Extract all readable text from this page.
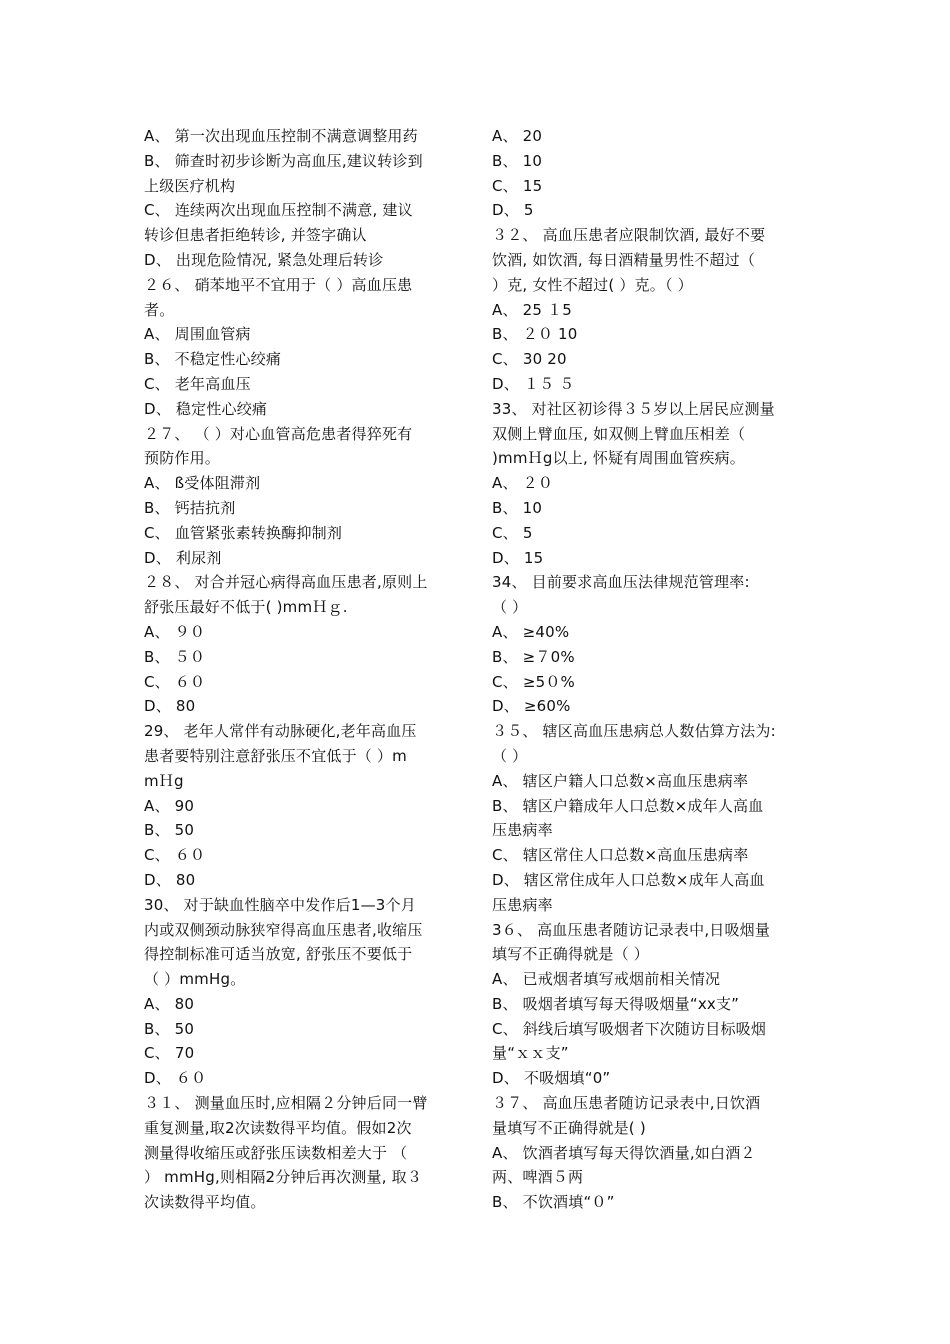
A、 第一次出现血压控制不满意调整用药
B、 筛查时初步诊断为高血压,建议转诊到
上级医疗机构
C、 连续两次出现血压控制不满意, 建议
转诊但患者拒绝转诊, 并签字确认
D、 出现危险情况, 紧急处理后转诊
２６、 硝苯地平不宜用于（ ）高血压患
者。
A、 周围血管病
B、 不稳定性心绞痛
C、 老年高血压
D、 稳定性心绞痛
２７、 （ ）对心血管高危患者得猝死有
预防作用。
A、 ß受体阻滞剂
B、 钙拮抗剂
C、 血管紧张素转换酶抑制剂
D、 利尿剂
２８、 对合并冠心病得高血压患者,原则上
舒张压最好不低于( )mmＨｇ.
A、 ９０
B、 ５０
C、 ６０
D、 80
29、 老年人常伴有动脉硬化,老年高血压
患者要特别注意舒张压不宜低于（ ）m
mＨg
A、 90
B、 50
C、 ６０
D、 80
30、 对于缺血性脑卒中发作后1—3个月
内或双侧颈动脉狭窄得高血压患者,收缩压
得控制标准可适当放宽, 舒张压不要低于
（ ）mmHg。
A、 80
B、 50
C、 70
D、 ６０
３１、 测量血压时,应相隔２分钟后同一臂
重复测量,取2次读数得平均值。假如2次
测量得收缩压或舒张压读数相差大于 （
） mmHg,则相隔2分钟后再次测量, 取３
次读数得平均值。
A、 20
B、 10
C、 15
D、 5
３２、 高血压患者应限制饮酒, 最好不要
饮酒, 如饮酒, 每日酒精量男性不超过（
）克, 女性不超过( ）克。（ ）
A、 25 １5
B、 ２０ 10
C、 30 20
D、 １５ ５
33、 对社区初诊得３５岁以上居民应测量
双侧上臂血压, 如双侧上臂血压相差（
)mmＨg以上, 怀疑有周围血管疾病。
A、 ２０
B、 10
C、 5
D、 15
34、 目前要求高血压法律规范管理率:
（ ）
A、 ≥40%
B、 ≥７0%
C、 ≥5０%
D、 ≥60%
３５、 辖区高血压患病总人数估算方法为:
（ ）
A、 辖区户籍人口总数×高血压患病率
B、 辖区户籍成年人口总数×成年人高血
压患病率
C、 辖区常住人口总数×高血压患病率
D、 辖区常住成年人口总数×成年人高血
压患病率
3６、 高血压患者随访记录表中,日吸烟量
填写不正确得就是（ ）
A、 已戒烟者填写戒烟前相关情况
B、 吸烟者填写每天得吸烟量“xx支”
C、 斜线后填写吸烟者下次随访目标吸烟
量“ｘｘ支”
D、 不吸烟填“0”
３７、 高血压患者随访记录表中,日饮酒
量填写不正确得就是( )
A、 饮酒者填写每天得饮酒量,如白酒２
两、啤酒５两
B、 不饮酒填“０”
